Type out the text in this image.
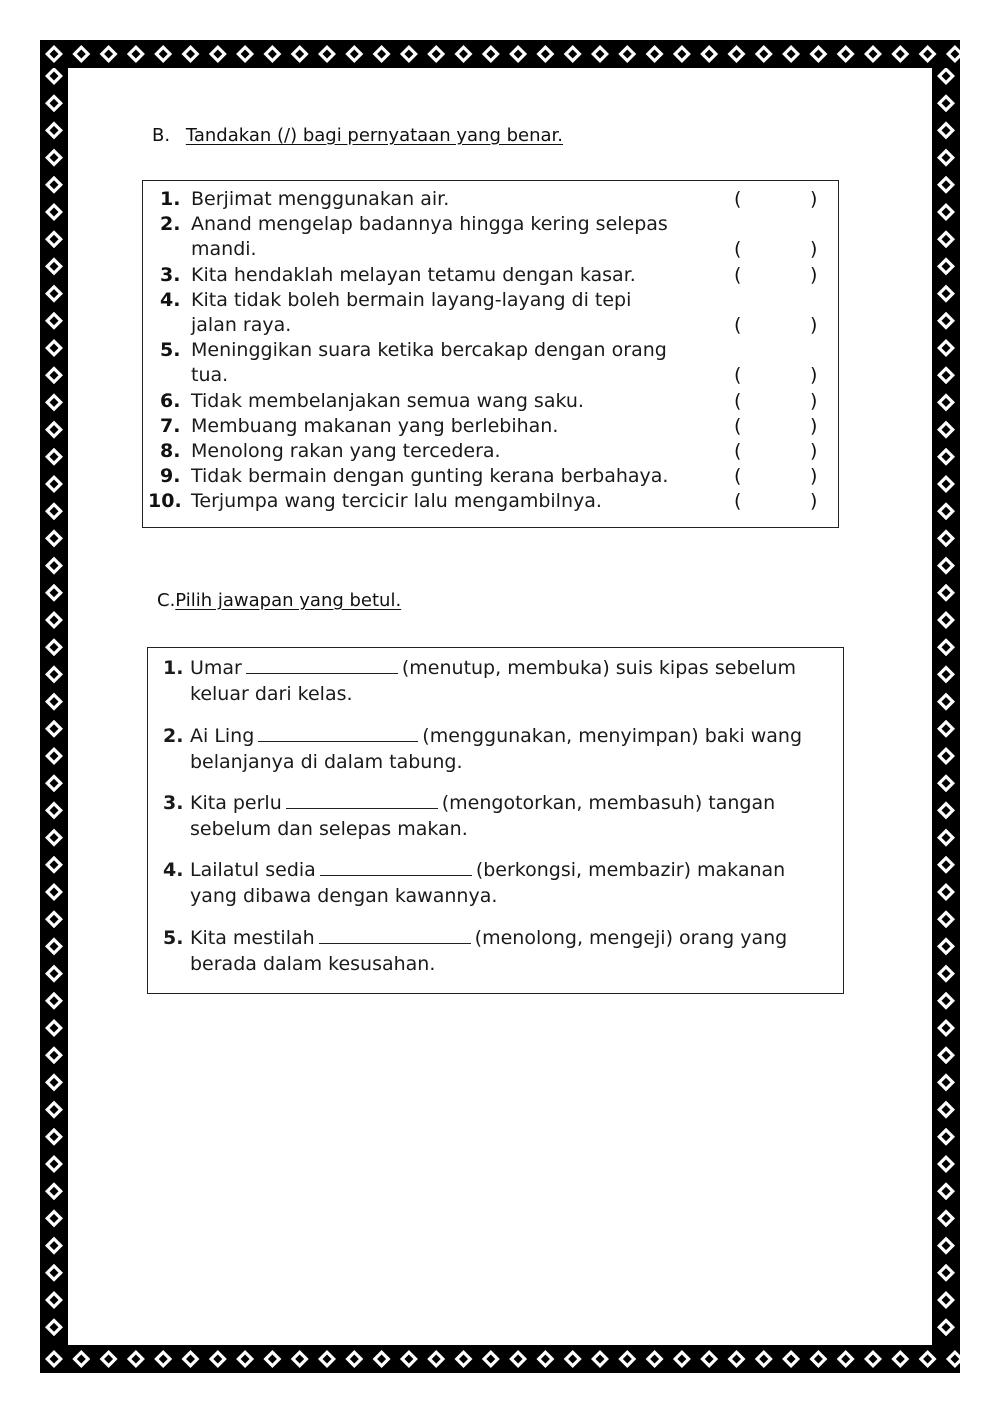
B. Tandakan (/) bagi pernyataan yang benar.
1. Berjimat menggunakan air.	(	)
2. Anand mengelap badannya hingga kering selepas
mandi.	(	)
3. Kita hendaklah melayan tetamu dengan kasar.	(	)
4. Kita tidak boleh bermain layang-layang di tepi
jalan raya.	(	)
5. Meninggikan suara ketika bercakap dengan orang
tua.	(	)
6. Tidak membelanjakan semua wang saku.	(	)
7. Membuang makanan yang berlebihan.	(	)
8. Menolong rakan yang tercedera.	(	)
9. Tidak bermain dengan gunting kerana berbahaya.	(	)
10. Terjumpa wang tercicir lalu mengambilnya.	(	)
C.Pilih jawapan yang betul.
1. Umar	(menutup, membuka) suis kipas sebelum
keluar dari kelas.
2. Ai Ling	(menggunakan, menyimpan) baki wang
belanjanya di dalam tabung.
3. Kita perlu	(mengotorkan, membasuh) tangan
sebelum dan selepas makan.
4. Lailatul sedia	(berkongsi, membazir) makanan
yang dibawa dengan kawannya.
5. Kita mestilah	(menolong, mengeji) orang yang
berada dalam kesusahan.
